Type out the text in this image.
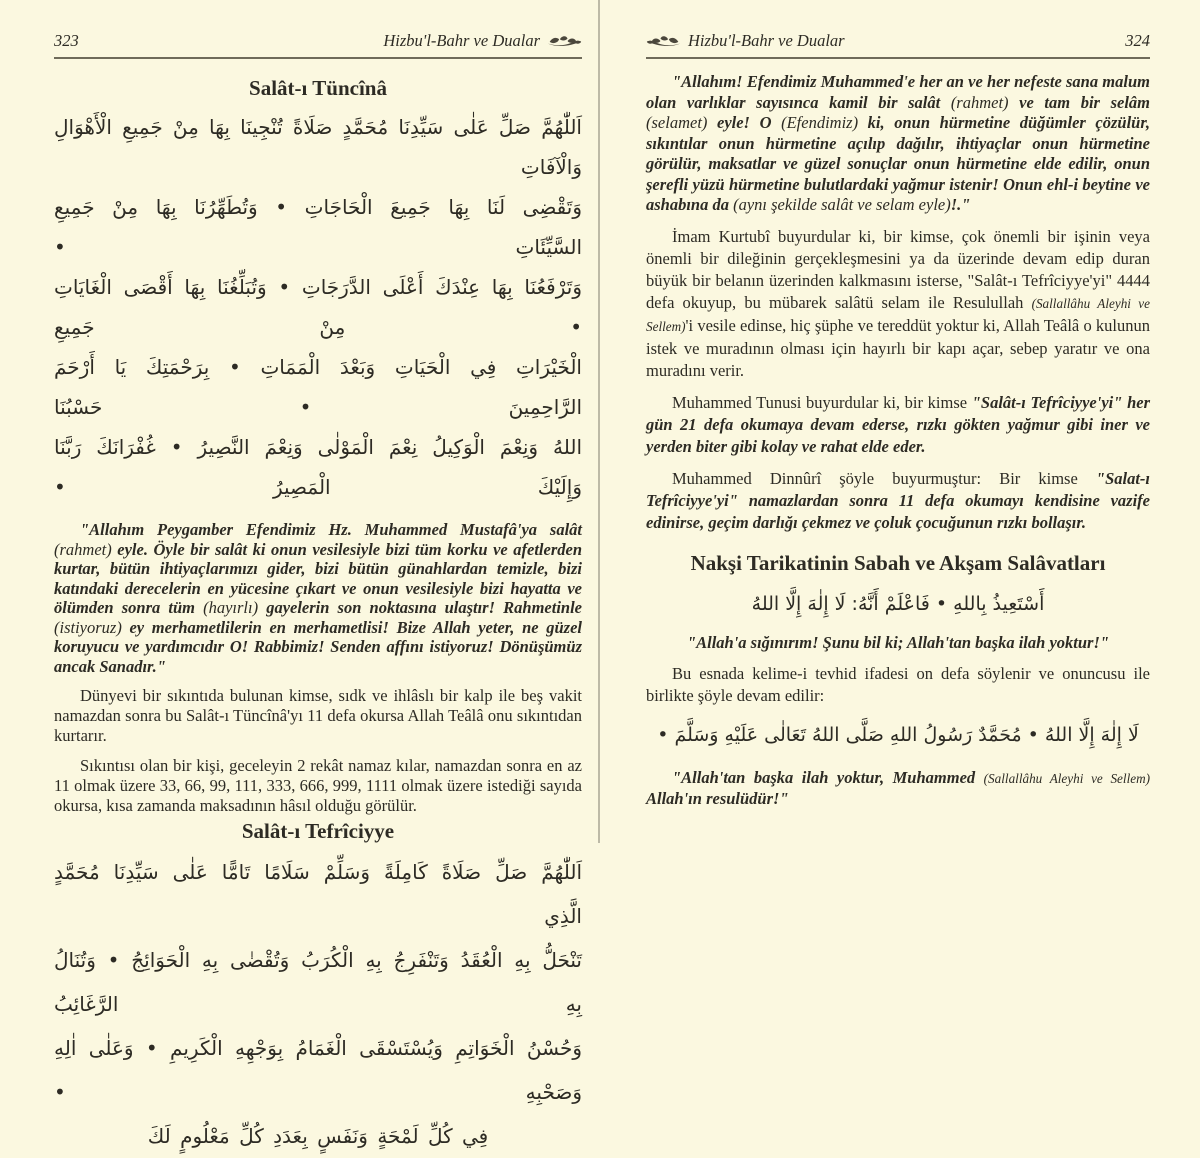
323	Hizbu'l-Bahr ve Dualar
Salât-ı Tüncînâ
اَللّٰهُمَّ صَلِّ عَلٰى سَيِّدِنَا مُحَمَّدٍ صَلَاةً تُنْجِينَا بِهَا مِنْ جَمِيعِ الْأَهْوَالِ وَالْآفَاتِ
وَتَقْضِى لَنَا بِهَا جَمِيعَ الْحَاجَاتِ • وَتُطَهِّرُنَا بِهَا مِنْ جَمِيعِ السَّيِّئَاتِ •
وَتَرْفَعُنَا بِهَا عِنْدَكَ أَعْلَى الدَّرَجَاتِ • وَتُبَلِّغُنَا بِهَا أَقْصَى الْغَايَاتِ • مِنْ جَمِيعِ
الْخَيْرَاتِ فِي الْحَيَاتِ وَبَعْدَ الْمَمَاتِ • بِرَحْمَتِكَ يَا أَرْحَمَ الرَّاحِمِينَ • حَسْبُنَا
اللهُ وَنِعْمَ الْوَكِيلُ نِعْمَ الْمَوْلٰى وَنِعْمَ النَّصِيرُ • غُفْرَانَكَ رَبَّنَا وَإِلَيْكَ الْمَصِيرُ •

"Allahım Peygamber Efendimiz Hz. Muhammed Mustafâ'ya salât (rahmet) eyle. Öyle bir salât ki onun vesilesiyle bizi tüm korku ve afetlerden kurtar, bütün ihtiyaçlarımızı gider, bizi bütün günahlardan temizle, bizi katındaki derecelerin en yücesine çıkart ve onun vesilesiyle bizi hayatta ve ölümden sonra tüm (hayırlı) gayelerin son noktasına ulaştır! Rahmetinle (istiyoruz) ey merhametlilerin en merhametlisi! Bize Allah yeter, ne güzel koruyucu ve yardımcıdır O! Rabbimiz! Senden affını istiyoruz! Dönüşümüz ancak Sanadır."

Dünyevi bir sıkıntıda bulunan kimse, sıdk ve ihlâslı bir kalp ile beş vakit namazdan sonra bu Salât-ı Tüncînâ'yı 11 defa okursa Allah Teâlâ onu sıkıntıdan kurtarır.

Sıkıntısı olan bir kişi, geceleyin 2 rekât namaz kılar, namazdan sonra en az 11 olmak üzere 33, 66, 99, 111, 333, 666, 999, 1111 olmak üzere istediği sayıda okursa, kısa zamanda maksadının hâsıl olduğu görülür.

Salât-ı Tefrîciyye
اَللّٰهُمَّ صَلِّ صَلَاةً كَامِلَةً وَسَلِّمْ سَلَامًا تَامًّا عَلٰى سَيِّدِنَا مُحَمَّدٍ الَّذِي
تَنْحَلُّ بِهِ الْعُقَدُ وَتَنْفَرِجُ بِهِ الْكُرَبُ وَتُقْضٰى بِهِ الْحَوَائِجُ • وَتُنَالُ بِهِ الرَّغَائِبُ
وَحُسْنُ الْخَوَاتِمِ وَيُسْتَسْقَى الْغَمَامُ بِوَجْهِهِ الْكَرِيمِ • وَعَلٰى اٰلِهِ وَصَحْبِهِ •
فِي كُلِّ لَمْحَةٍ وَنَفَسٍ بِعَدَدِ كُلِّ مَعْلُومٍ لَكَ
Hizbu'l-Bahr ve Dualar	324

"Allahım! Efendimiz Muhammed'e her an ve her nefeste sana malum olan varlıklar sayısınca kamil bir salât (rahmet) ve tam bir selâm (selamet) eyle! O (Efendimiz) ki, onun hürmetine düğümler çözülür, sıkıntılar onun hürmetine açılıp dağılır, ihtiyaçlar onun hürmetine görülür, maksatlar ve güzel sonuçlar onun hürmetine elde edilir, onun şerefli yüzü hürmetine bulutlardaki yağmur istenir! Onun ehl-i beytine ve ashabına da (aynı şekilde salât ve selam eyle)!."

İmam Kurtubî buyurdular ki, bir kimse, çok önemli bir işinin veya önemli bir dileğinin gerçekleşmesini ya da üzerinde devam edip duran büyük bir belanın üzerinden kalkmasını isterse, "Salât-ı Tefrîciyye'yi" 4444 defa okuyup, bu mübarek salâtü selam ile Resulullah (Sallallâhu Aleyhi ve Sellem)'i vesile edinse, hiç şüphe ve tereddüt yoktur ki, Allah Teâlâ o kulunun istek ve muradının olması için hayırlı bir kapı açar, sebep yaratır ve ona muradını verir.

Muhammed Tunusi buyurdular ki, bir kimse "Salât-ı Tefrîciyye'yi" her gün 21 defa okumaya devam ederse, rızkı gökten yağmur gibi iner ve yerden biter gibi kolay ve rahat elde eder.

Muhammed Dinnûrî şöyle buyurmuştur: Bir kimse "Salat-ı Tefrîciyye'yi" namazlardan sonra 11 defa okumayı kendisine vazife edinirse, geçim darlığı çekmez ve çoluk çocuğunun rızkı bollaşır.

Nakşi Tarikatinin Sabah ve Akşam Salâvatları
أَسْتَعِيذُ بِاللهِ • فَاعْلَمْ أَنَّهُ: لَا إِلٰهَ إِلَّا اللهُ

"Allah'a sığınırım! Şunu bil ki; Allah'tan başka ilah yoktur!"

Bu esnada kelime-i tevhid ifadesi on defa söylenir ve onuncusu ile birlikte şöyle devam edilir:

لَا إِلٰهَ إِلَّا اللهُ • مُحَمَّدٌ رَسُولُ اللهِ صَلَّى اللهُ تَعَالٰى عَلَيْهِ وَسَلَّمَ •

"Allah'tan başka ilah yoktur, Muhammed (Sallallâhu Aleyhi ve Sellem) Allah'ın resulüdür!"
